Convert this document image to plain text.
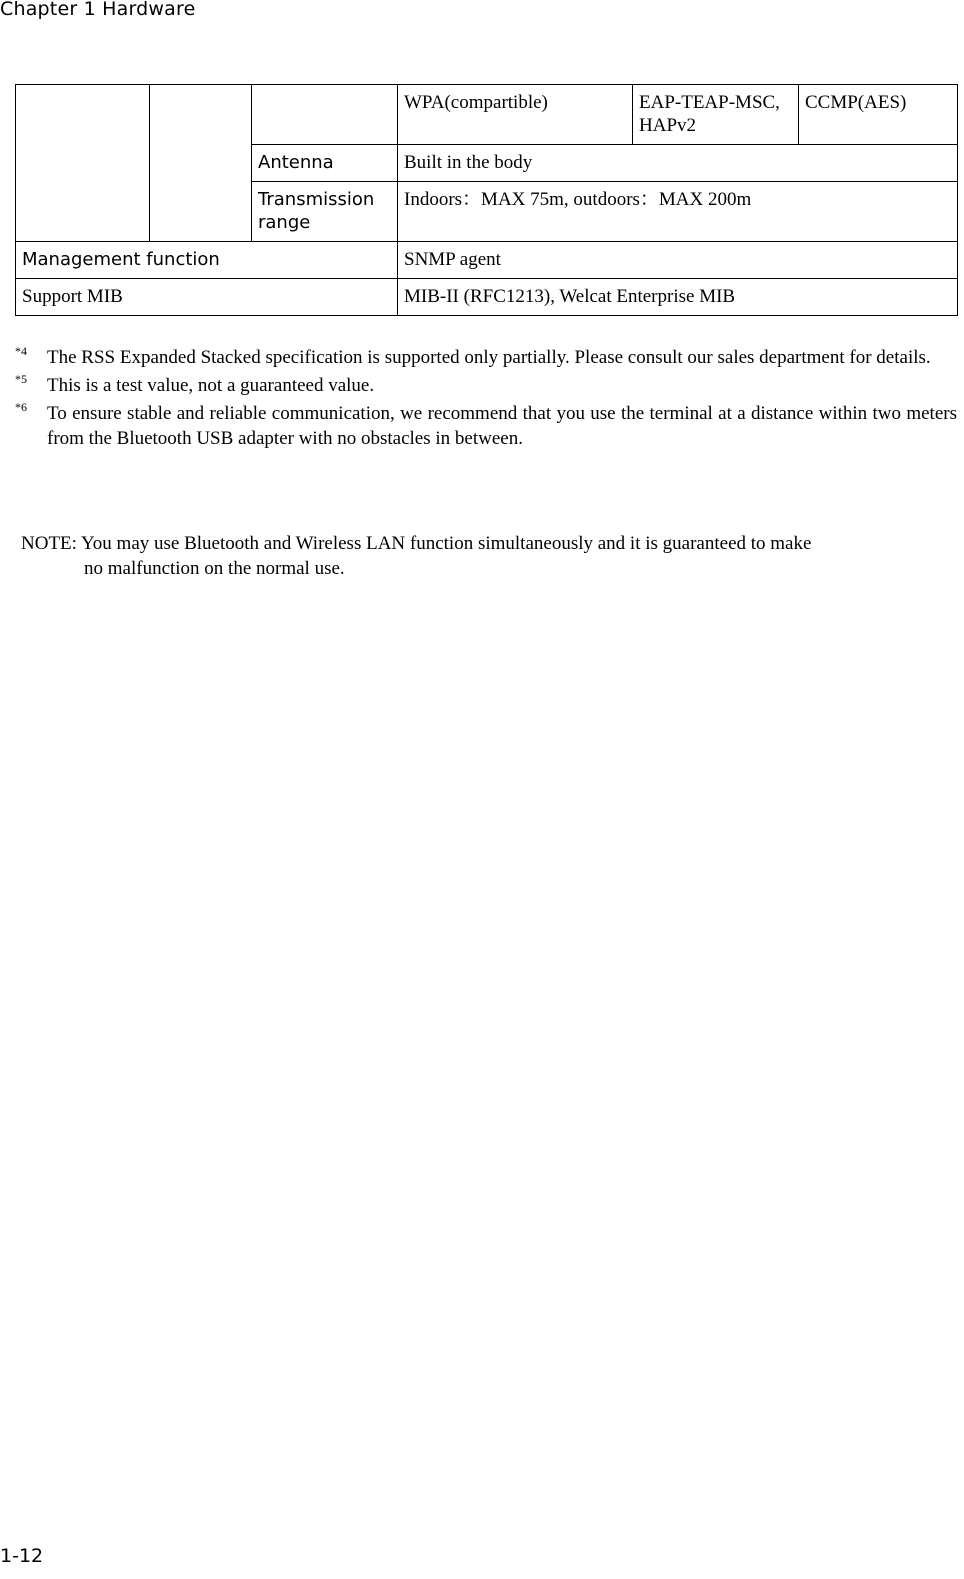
Chapter 1 Hardware
			WPA(compartible)	EAP-TEAP-MSC, HAPv2	CCMP(AES)
		Antenna	Built in the body		
		Transmission range	Indoors：MAX 75m, outdoors：MAX 200m		
Management function			SNMP agent		
Support MIB			MIB-II (RFC1213), Welcat Enterprise MIB		
*4 The RSS Expanded Stacked specification is supported only partially. Please consult our sales department for details.
*5 This is a test value, not a guaranteed value.
*6 To ensure stable and reliable communication, we recommend that you use the terminal at a distance within two meters from the Bluetooth USB adapter with no obstacles in between.
NOTE: You may use Bluetooth and Wireless LAN function simultaneously and it is guaranteed to make
no malfunction on the normal use.
1-12
